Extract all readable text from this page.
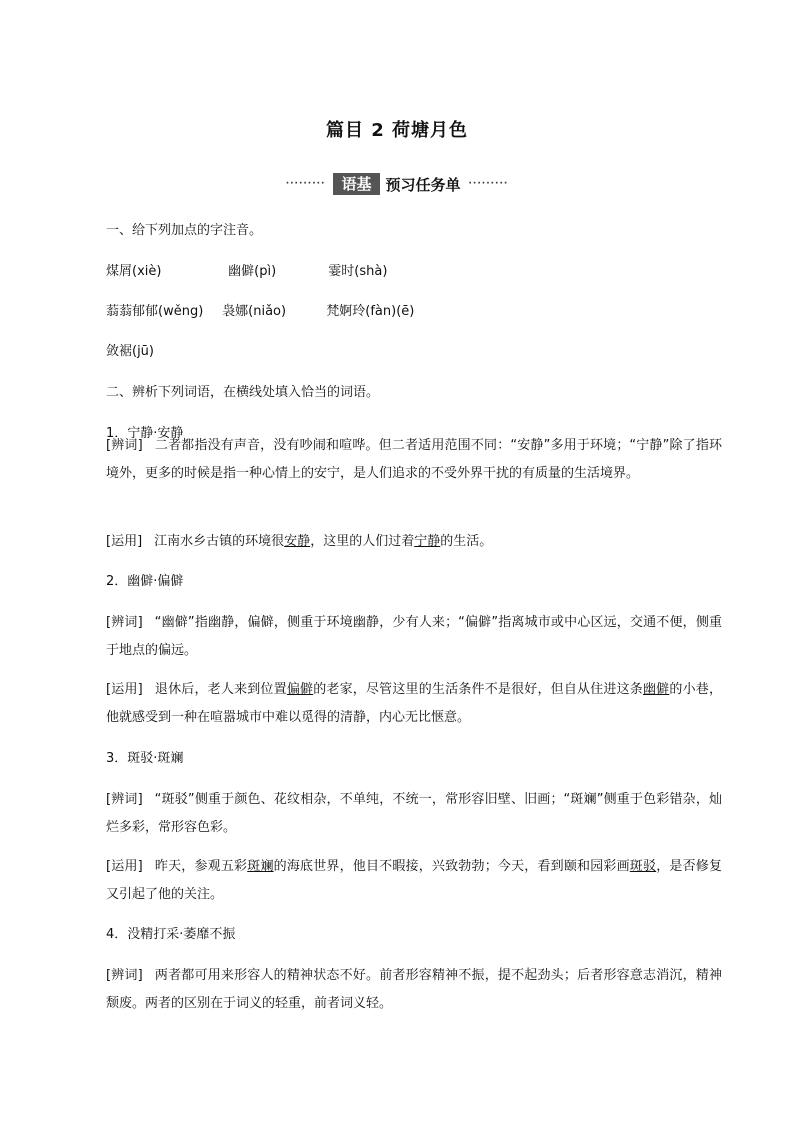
篇目 2 荷塘月色
·········	语基 预习任务单 ·········
一、给下列加点的字注音。
煤屑(xiè)	幽僻(pì)	霎时(shà)
蓊蓊郁郁(wěng) 袅娜(niǎo)	梵婀玲(fàn)(ē)
敛裾(jū)
二、辨析下列词语，在横线处填入恰当的词语。
1．宁静·安静
[辨词] 二者都指没有声音，没有吵闹和喧哗。但二者适用范围不同：“安静”多用于环境；“宁静”除了指环境外，更多的时候是指一种心情上的安宁，是人们追求的不受外界干扰的有质量的生活境界。
[运用] 江南水乡古镇的环境很安静，这里的人们过着宁静的生活。
2．幽僻·偏僻
[辨词] “幽僻”指幽静，偏僻，侧重于环境幽静，少有人来；“偏僻”指离城市或中心区远，交通不便，侧重于地点的偏远。
[运用] 退休后，老人来到位置偏僻的老家，尽管这里的生活条件不是很好，但自从住进这条幽僻的小巷，他就感受到一种在喧嚣城市中难以觅得的清静，内心无比惬意。
3．斑驳·斑斓
[辨词] “斑驳”侧重于颜色、花纹相杂，不单纯，不统一，常形容旧壁、旧画；“斑斓”侧重于色彩错杂，灿烂多彩，常形容色彩。
[运用] 昨天，参观五彩斑斓的海底世界，他目不暇接，兴致勃勃；今天，看到颐和园彩画斑驳，是否修复又引起了他的关注。
4．没精打采·萎靡不振
[辨词] 两者都可用来形容人的精神状态不好。前者形容精神不振，提不起劲头；后者形容意志消沉，精神颓废。两者的区别在于词义的轻重，前者词义轻。
